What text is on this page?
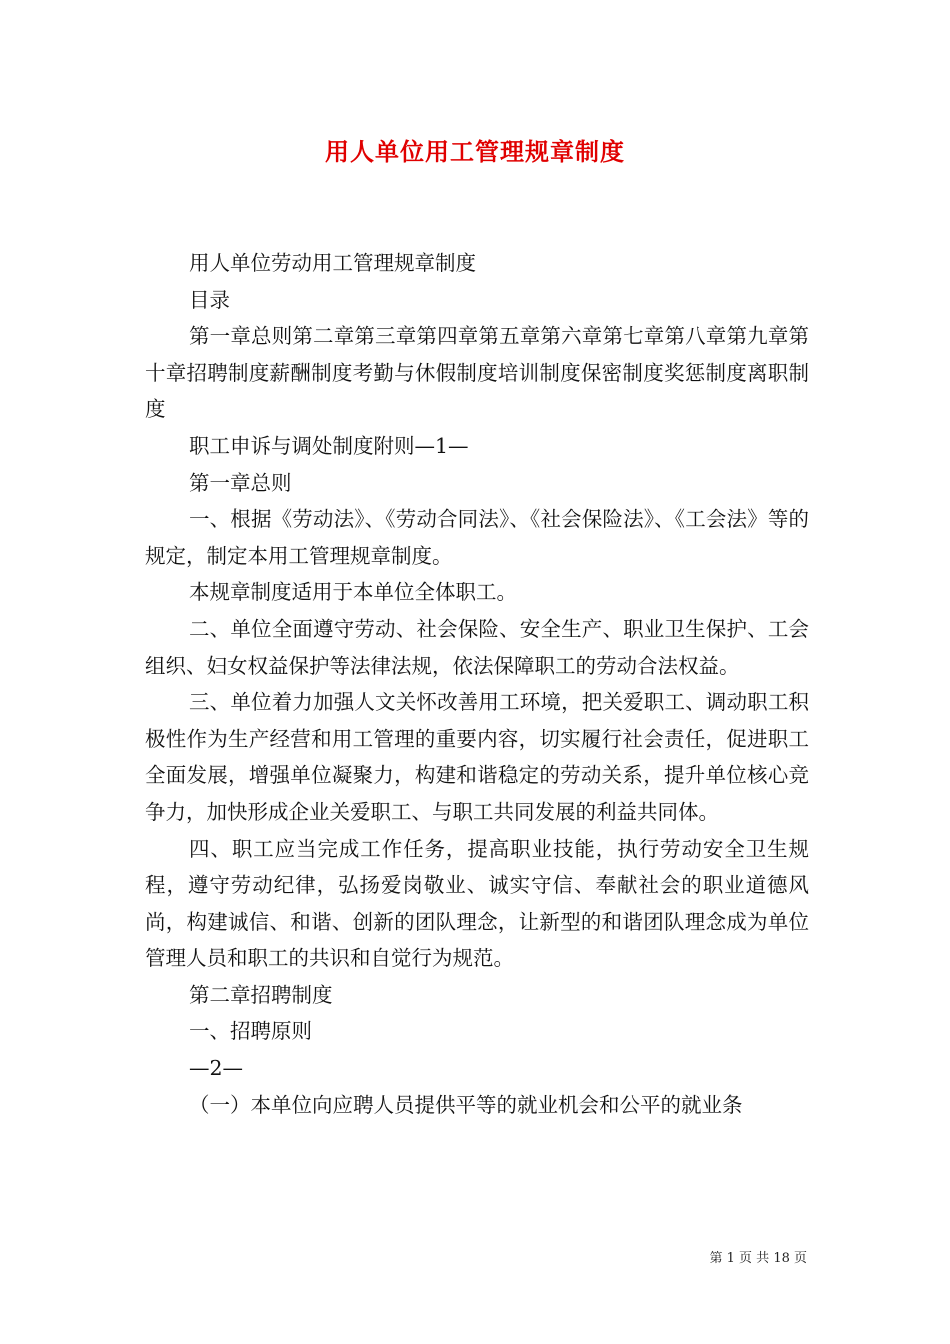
用人单位用工管理规章制度

用人单位劳动用工管理规章制度

目录

第一章总则第二章第三章第四章第五章第六章第七章第八章第九章第十章招聘制度薪酬制度考勤与休假制度培训制度保密制度奖惩制度离职制度

职工申诉与调处制度附则—1—

第一章总则

一、根据《劳动法》、《劳动合同法》、《社会保险法》、《工会法》等的规定，制定本用工管理规章制度。

本规章制度适用于本单位全体职工。

二、单位全面遵守劳动、社会保险、安全生产、职业卫生保护、工会组织、妇女权益保护等法律法规，依法保障职工的劳动合法权益。

三、单位着力加强人文关怀改善用工环境，把关爱职工、调动职工积极性作为生产经营和用工管理的重要内容，切实履行社会责任，促进职工全面发展，增强单位凝聚力，构建和谐稳定的劳动关系，提升单位核心竞争力，加快形成企业关爱职工、与职工共同发展的利益共同体。

四、职工应当完成工作任务，提高职业技能，执行劳动安全卫生规程，遵守劳动纪律，弘扬爱岗敬业、诚实守信、奉献社会的职业道德风尚，构建诚信、和谐、创新的团队理念，让新型的和谐团队理念成为单位管理人员和职工的共识和自觉行为规范。

第二章招聘制度

一、招聘原则

—2—

（一）本单位向应聘人员提供平等的就业机会和公平的就业条

第 1 页 共 18 页
